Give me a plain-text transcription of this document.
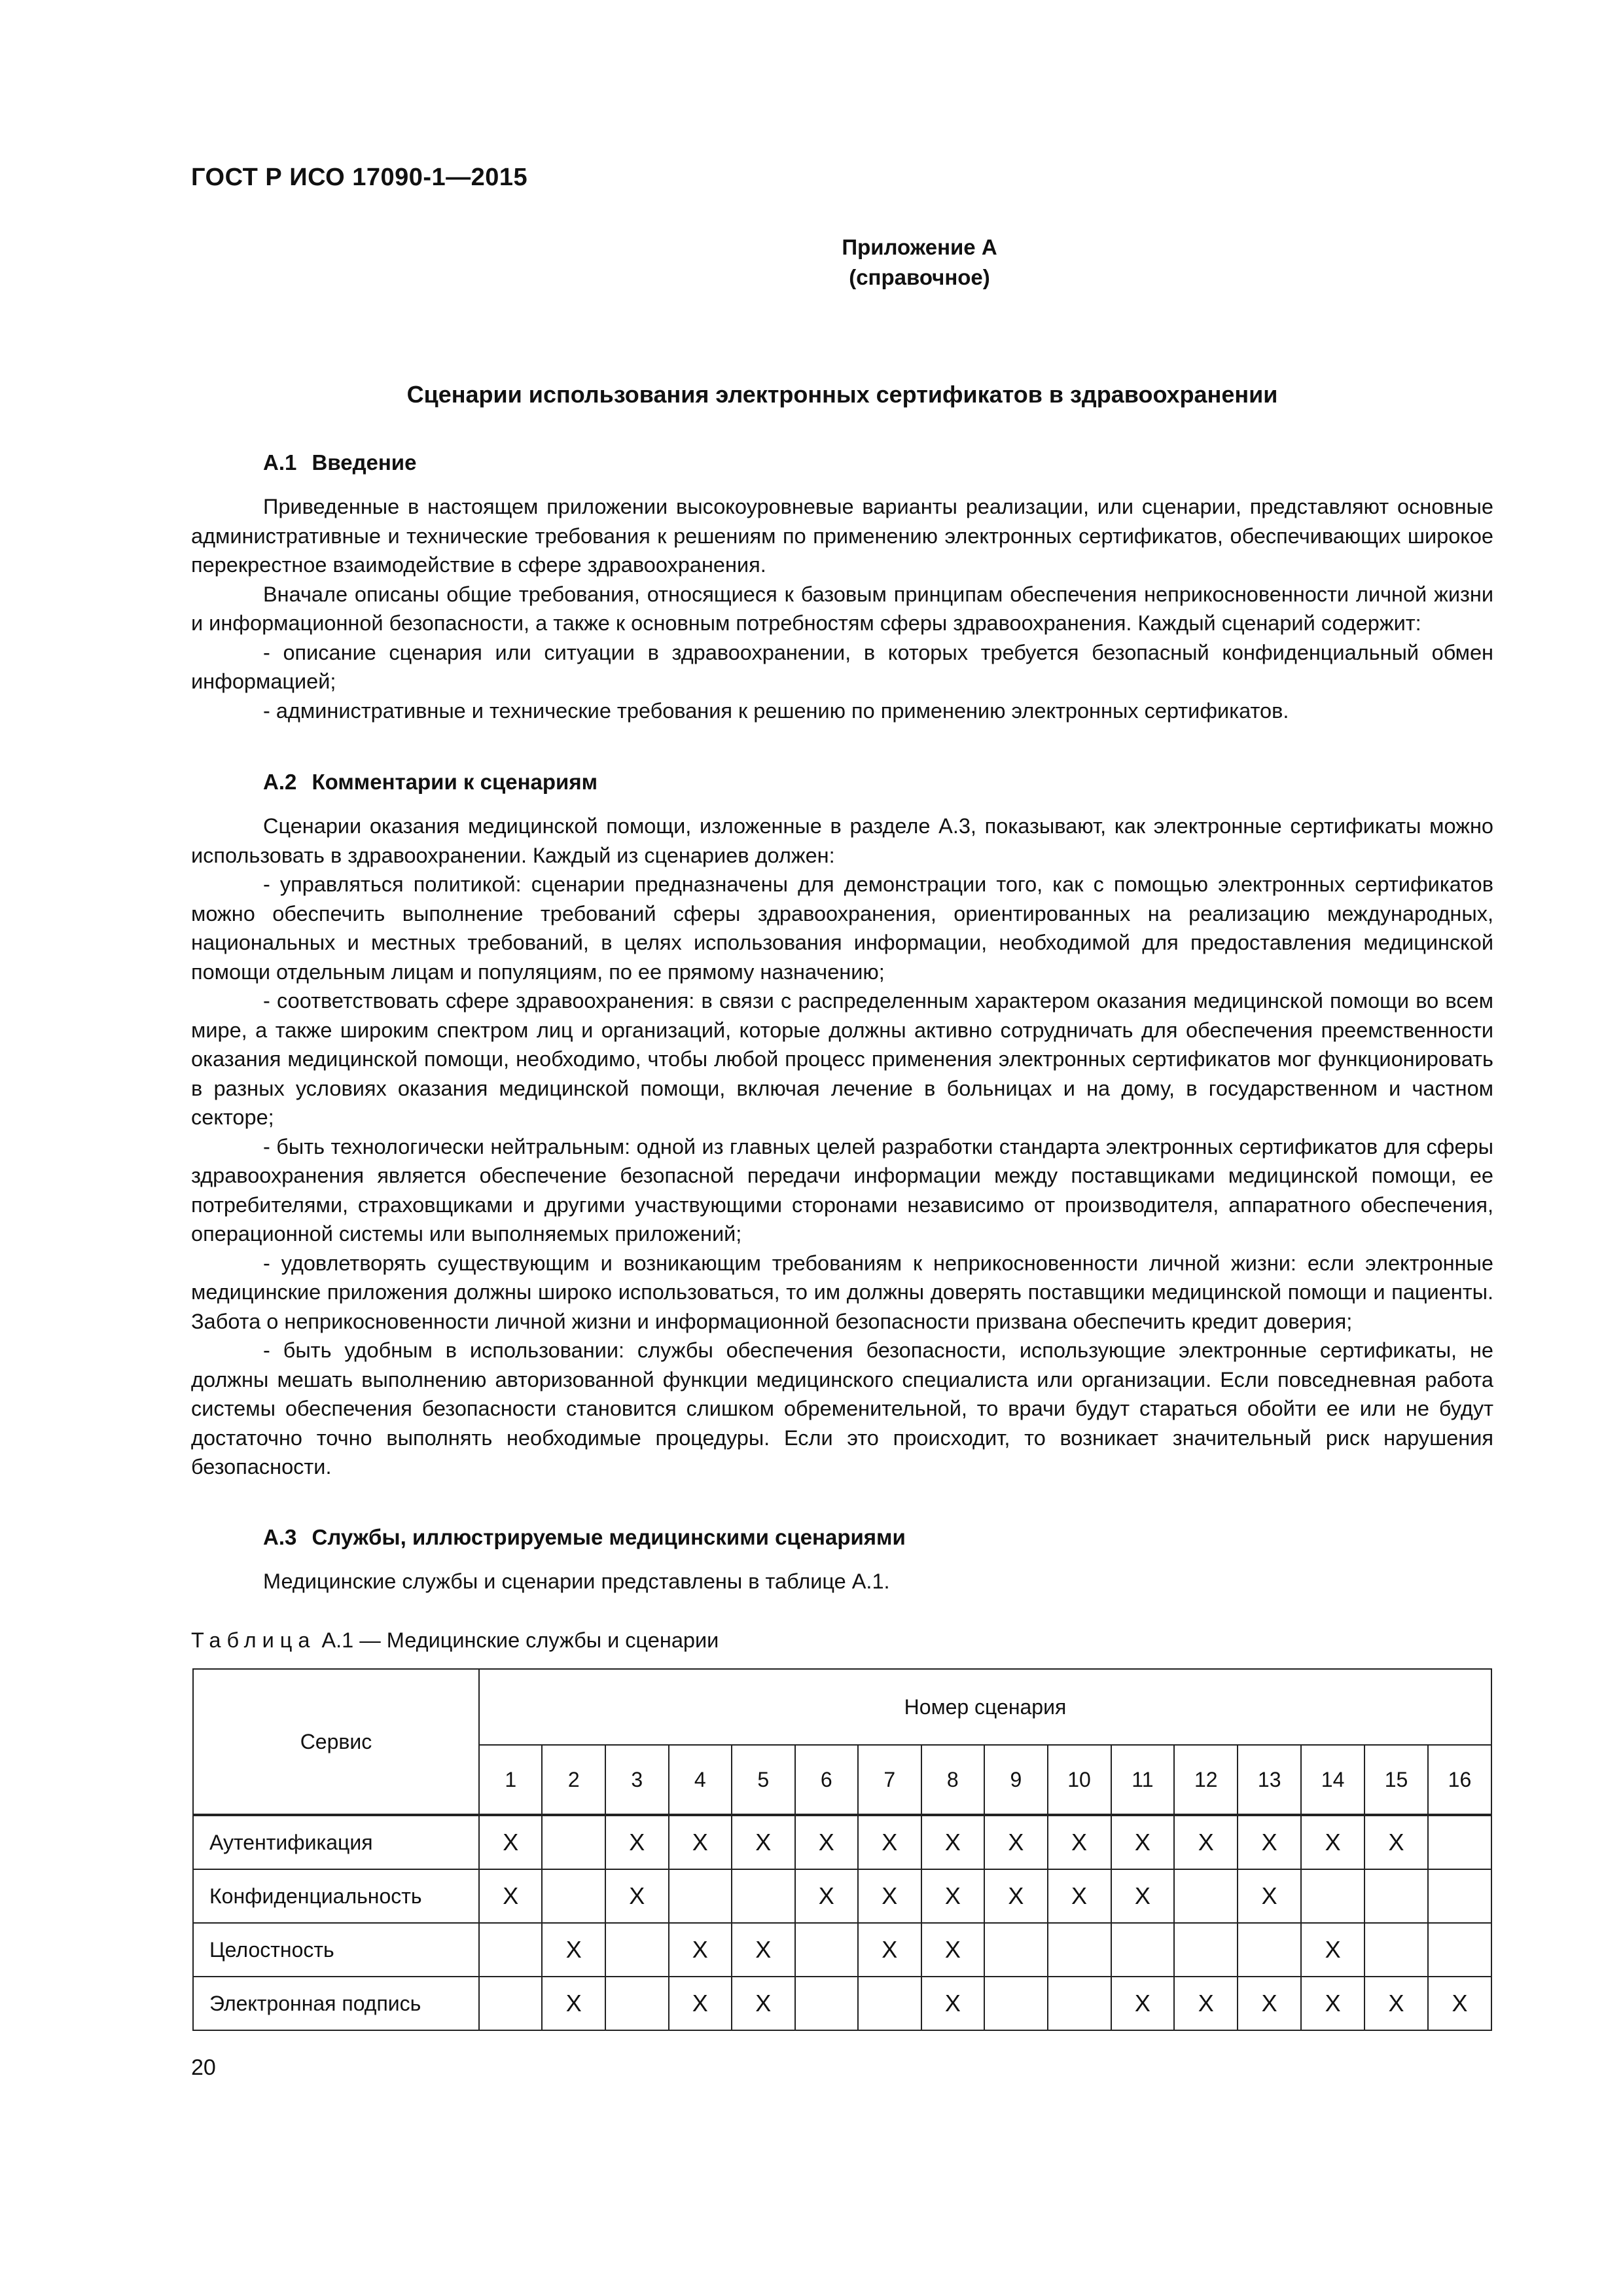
ГОСТ Р ИСО 17090-1—2015
Приложение А
(справочное)
Сценарии использования электронных сертификатов в здравоохранении
А.1 Введение

Приведенные в настоящем приложении высокоуровневые варианты реализации, или сценарии, представляют основные административные и технические требования к решениям по применению электронных сертификатов, обеспечивающих широкое перекрестное взаимодействие в сфере здравоохранения.

Вначале описаны общие требования, относящиеся к базовым принципам обеспечения неприкосновенности личной жизни и информационной безопасности, а также к основным потребностям сферы здравоохранения. Каждый сценарий содержит:

- описание сценария или ситуации в здравоохранении, в которых требуется безопасный конфиденциальный обмен информацией;

- административные и технические требования к решению по применению электронных сертификатов.

А.2 Комментарии к сценариям

Сценарии оказания медицинской помощи, изложенные в разделе А.3, показывают, как электронные сертификаты можно использовать в здравоохранении. Каждый из сценариев должен:

- управляться политикой: сценарии предназначены для демонстрации того, как с помощью электронных сертификатов можно обеспечить выполнение требований сферы здравоохранения, ориентированных на реализацию международных, национальных и местных требований, в целях использования информации, необходимой для предоставления медицинской помощи отдельным лицам и популяциям, по ее прямому назначению;

- соответствовать сфере здравоохранения: в связи с распределенным характером оказания медицинской помощи во всем мире, а также широким спектром лиц и организаций, которые должны активно сотрудничать для обеспечения преемственности оказания медицинской помощи, необходимо, чтобы любой процесс применения электронных сертификатов мог функционировать в разных условиях оказания медицинской помощи, включая лечение в больницах и на дому, в государственном и частном секторе;

- быть технологически нейтральным: одной из главных целей разработки стандарта электронных сертификатов для сферы здравоохранения является обеспечение безопасной передачи информации между поставщиками медицинской помощи, ее потребителями, страховщиками и другими участвующими сторонами независимо от производителя, аппаратного обеспечения, операционной системы или выполняемых приложений;

- удовлетворять существующим и возникающим требованиям к неприкосновенности личной жизни: если электронные медицинские приложения должны широко использоваться, то им должны доверять поставщики медицинской помощи и пациенты. Забота о неприкосновенности личной жизни и информационной безопасности призвана обеспечить кредит доверия;

- быть удобным в использовании: службы обеспечения безопасности, использующие электронные сертификаты, не должны мешать выполнению авторизованной функции медицинского специалиста или организации. Если повседневная работа системы обеспечения безопасности становится слишком обременительной, то врачи будут стараться обойти ее или не будут достаточно точно выполнять необходимые процедуры. Если это происходит, то возникает значительный риск нарушения безопасности.

А.3 Службы, иллюстрируемые медицинскими сценариями

Медицинские службы и сценарии представлены в таблице А.1.

Таблица А.1 — Медицинские службы и сценарии
Сервис	Номер сценария															
	1	2	3	4	5	6	7	8	9	10	11	12	13	14	15	16
Аутентификация	X		X	X	X	X	X	X	X	X	X	X	X	X	X	
Конфиденциальность	X		X			X	X	X	X	X	X		X			
Целостность		X		X	X		X	X						X		
Электронная подпись		X		X	X			X			X	X	X	X	X	X
20
